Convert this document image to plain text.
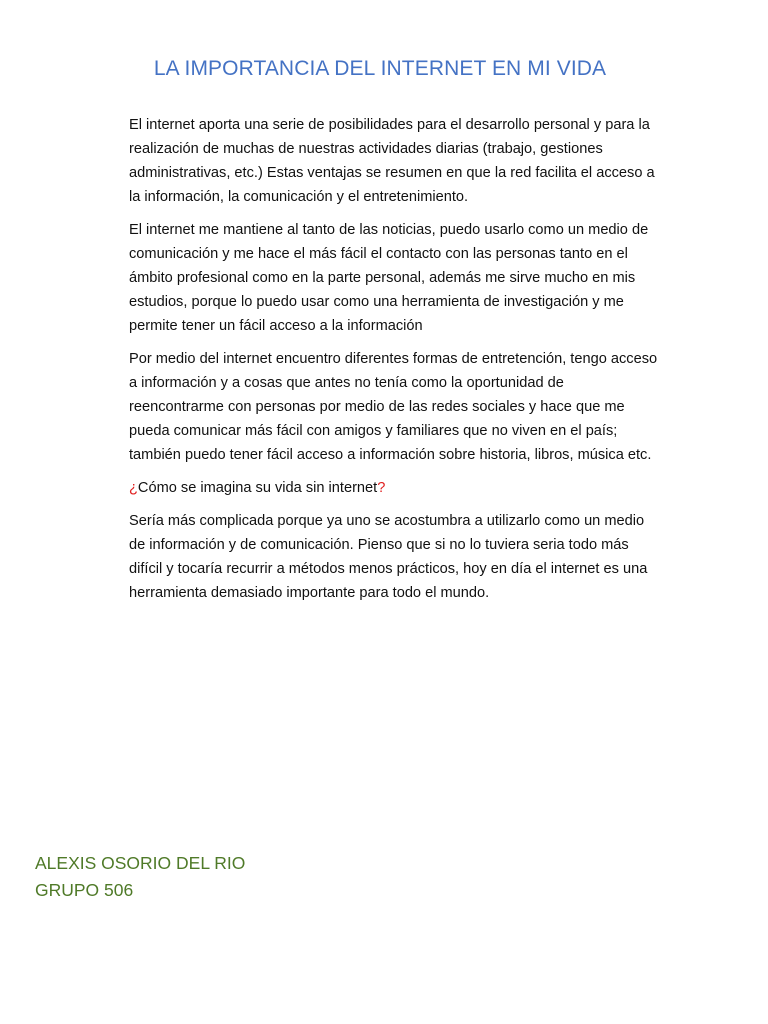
LA IMPORTANCIA DEL INTERNET EN MI VIDA

El internet aporta una serie de posibilidades para el desarrollo personal y para la realización de muchas de nuestras actividades diarias (trabajo, gestiones administrativas, etc.) Estas ventajas se resumen en que la red facilita el acceso a la información, la comunicación y el entretenimiento.

El internet me mantiene al tanto de las noticias, puedo usarlo como un medio de comunicación y me hace el más fácil el contacto con las personas tanto en el ámbito profesional como en la parte personal, además me sirve mucho en mis estudios, porque lo puedo usar como una herramienta de investigación y me permite tener un fácil acceso a la información

Por medio del internet encuentro diferentes formas de entretención, tengo acceso a información y a cosas que antes no tenía como la oportunidad de reencontrarme con personas por medio de las redes sociales y hace que me pueda comunicar más fácil con amigos y familiares que no viven en el país; también puedo tener fácil acceso a información sobre historia, libros, música etc.

¿Cómo se imagina su vida sin internet?

Sería más complicada porque ya uno se acostumbra a utilizarlo como un medio de información y de comunicación. Pienso que si no lo tuviera seria todo más difícil y tocaría recurrir a métodos menos prácticos, hoy en día el internet es una herramienta demasiado importante para todo el mundo.

ALEXIS OSORIO DEL RIO
GRUPO 506
